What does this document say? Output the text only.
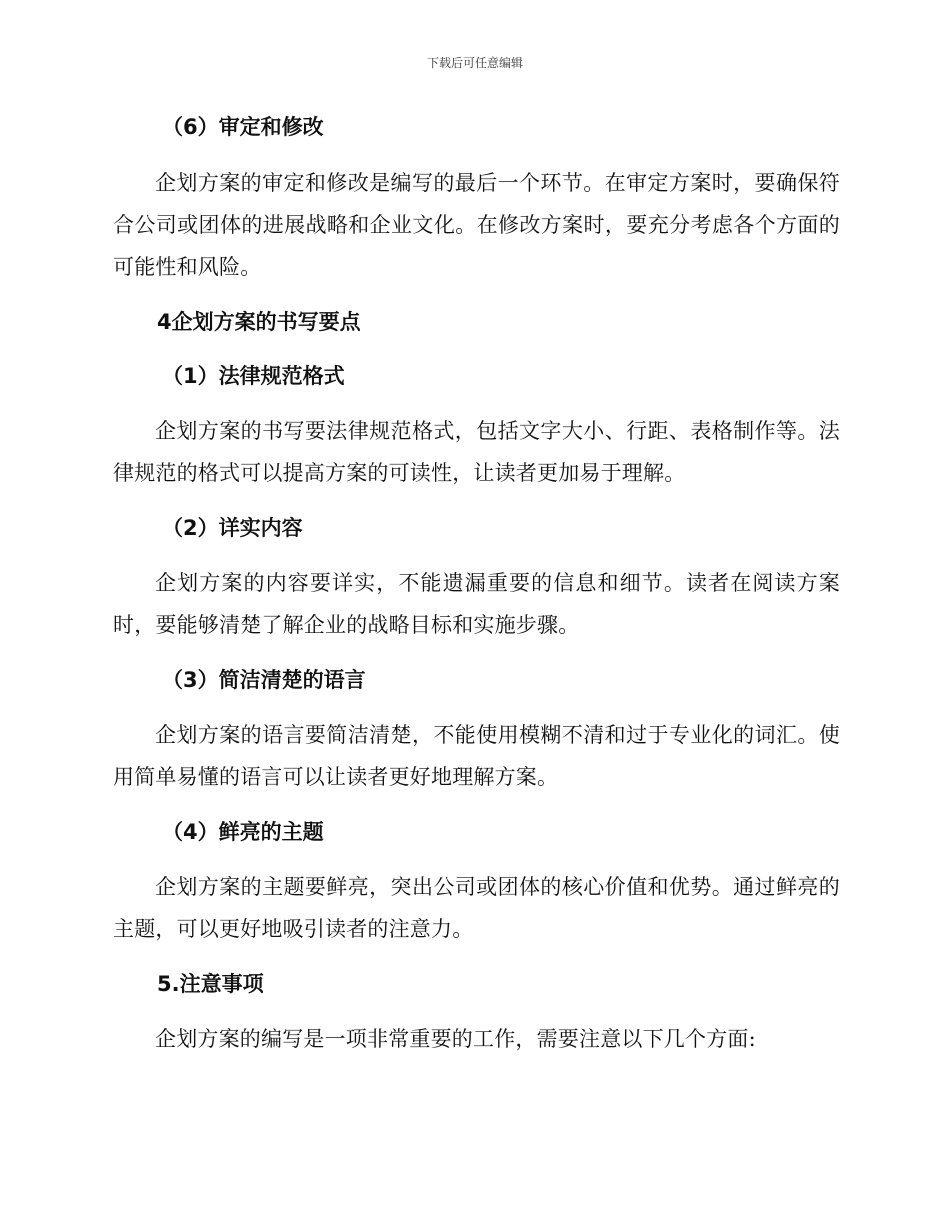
下载后可任意编辑
（6）审定和修改
企划方案的审定和修改是编写的最后一个环节。在审定方案时，要确保符合公司或团体的进展战略和企业文化。在修改方案时，要充分考虑各个方面的可能性和风险。
4企划方案的书写要点
（1）法律规范格式
企划方案的书写要法律规范格式，包括文字大小、行距、表格制作等。法律规范的格式可以提高方案的可读性，让读者更加易于理解。
（2）详实内容
企划方案的内容要详实，不能遗漏重要的信息和细节。读者在阅读方案时，要能够清楚了解企业的战略目标和实施步骤。
（3）简洁清楚的语言
企划方案的语言要简洁清楚，不能使用模糊不清和过于专业化的词汇。使用简单易懂的语言可以让读者更好地理解方案。
（4）鲜亮的主题
企划方案的主题要鲜亮，突出公司或团体的核心价值和优势。通过鲜亮的主题，可以更好地吸引读者的注意力。
5.注意事项
企划方案的编写是一项非常重要的工作，需要注意以下几个方面:
